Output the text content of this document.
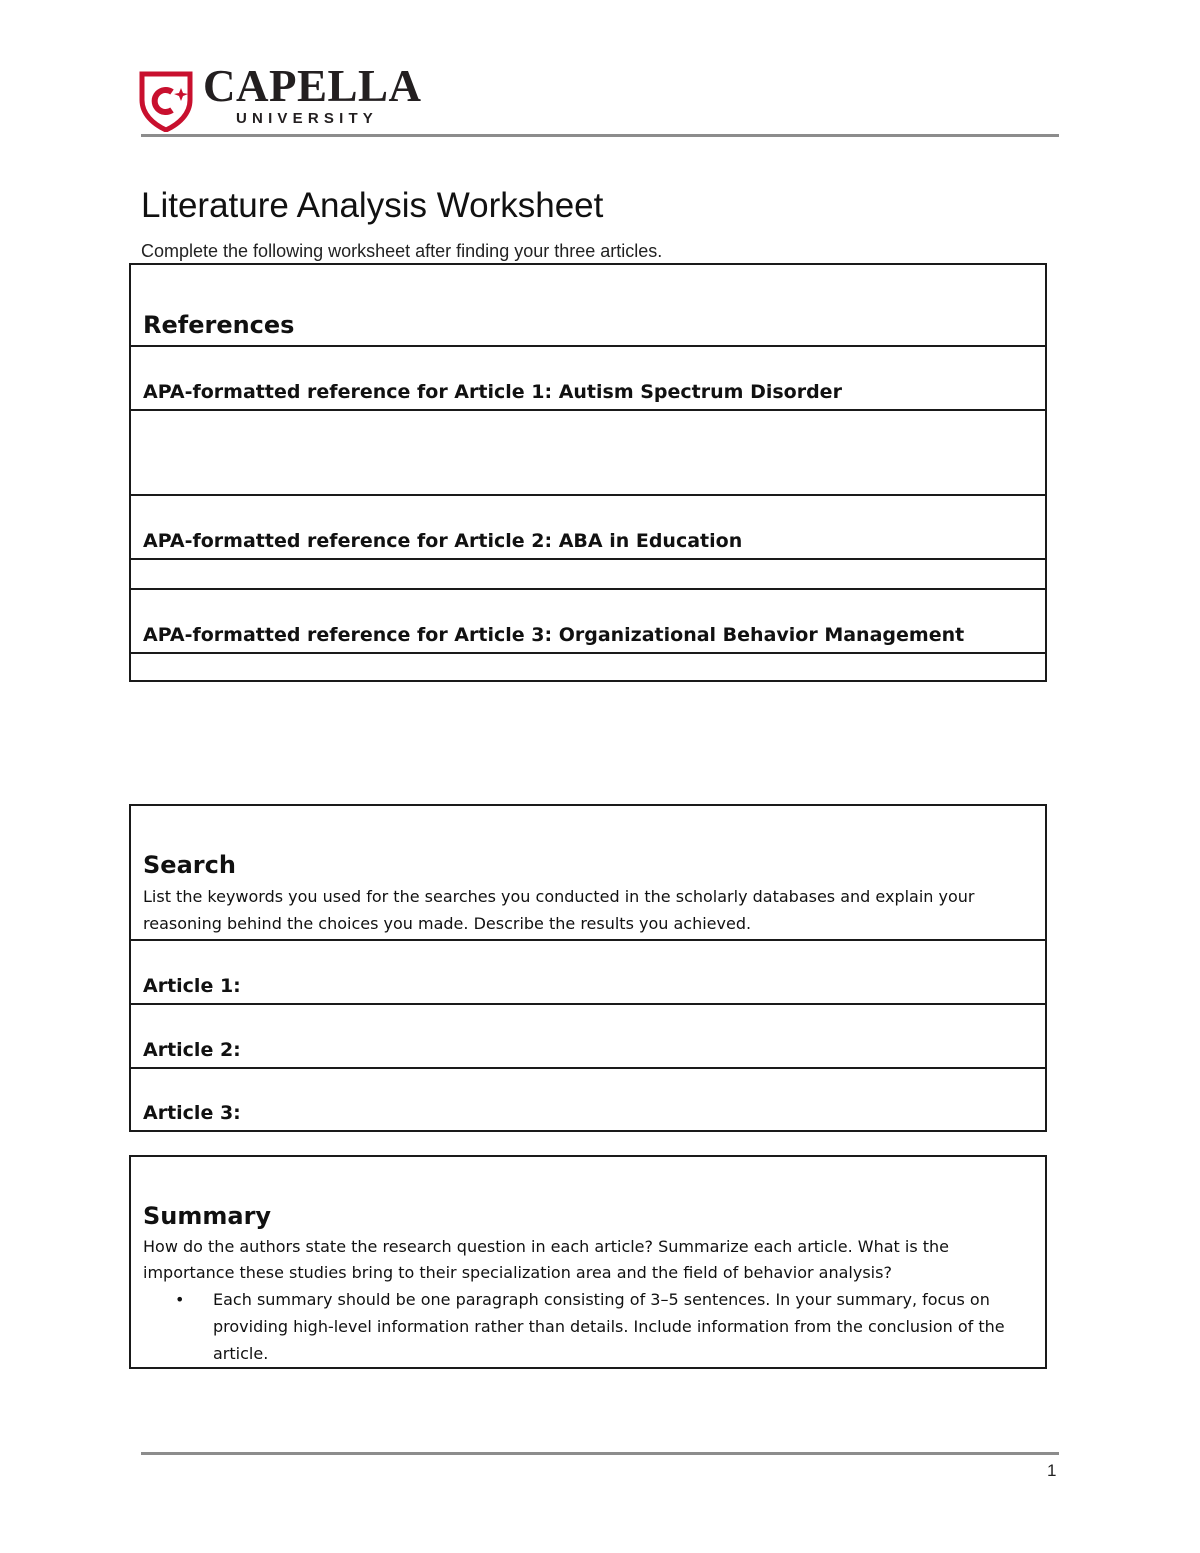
CAPELLA
UNIVERSITY
Literature Analysis Worksheet
Complete the following worksheet after finding your three articles.
References
APA-formatted reference for Article 1: Autism Spectrum Disorder
APA-formatted reference for Article 2: ABA in Education
APA-formatted reference for Article 3: Organizational Behavior Management
Search
List the keywords you used for the searches you conducted in the scholarly databases and explain your reasoning behind the choices you made. Describe the results you achieved.
Article 1:
Article 2:
Article 3:
Summary
How do the authors state the research question in each article? Summarize each article. What is the importance these studies bring to their specialization area and the field of behavior analysis?
• Each summary should be one paragraph consisting of 3–5 sentences. In your summary, focus on providing high-level information rather than details. Include information from the conclusion of the article.
1
